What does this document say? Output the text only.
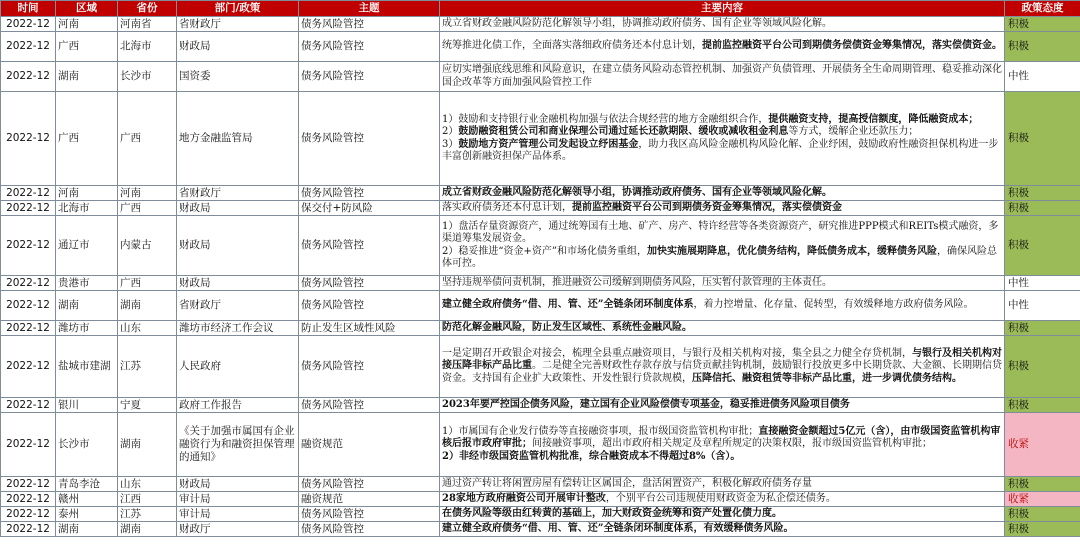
时间	区域	省份	部门/政策	主题	主要内容	政策态度
2022-12	河南	河南省	省财政厅	债务风险管控	成立省财政金融风险防范化解领导小组，协调推动政府债务、国有企业等领域风险化解。	积极
2022-12	广西	北海市	财政局	债务风险管控	统筹推进化债工作，全面落实落细政府债务还本付息计划，提前监控融资平台公司到期债务偿债资金筹集情况，落实偿债资金。	积极
2022-12	湖南	长沙市	国资委	债务风险管控	应切实增强底线思维和风险意识，在建立债务风险动态管控机制、加强资产负债管理、开展债务全生命周期管理、稳妥推动深化国企改革等方面加强风险管控工作	中性
2022-12	广西	广西	地方金融监管局	债务风险管控	1）鼓励和支持银行业金融机构加强与依法合规经营的地方金融组织合作，提供融资支持，提高授信额度，降低融资成本；
2）鼓励融资租赁公司和商业保理公司通过延长还款期限、缓收或减收租金利息等方式，缓解企业还款压力；
3）鼓励地方资产管理公司发起设立纾困基金，助力我区高风险金融机构风险化解、企业纾困，鼓励政府性融资担保机构进一步丰富创新融资担保产品体系。	积极
2022-12	河南	河南	省财政厅	债务风险管控	成立省财政金融风险防范化解领导小组，协调推动政府债务、国有企业等领域风险化解。	积极
2022-12	北海市	广西	财政局	保交付+防风险	落实政府债务还本付息计划，提前监控融资平台公司到期债务资金筹集情况，落实偿债资金	积极
2022-12	通辽市	内蒙古	财政局	债务风险管控	1）盘活存量资源资产，通过统筹国有土地、矿产、房产、特许经营等各类资源资产，研究推进PPP模式和REITs模式融资，多渠道筹集发展资金。
2）稳妥推进“资金+资产”和市场化债务重组，加快实施展期降息，优化债务结构，降低债务成本，缓释债务风险，确保风险总体可控。	积极
2022-12	贵港市	广西	财政局	债务风险管控	坚持违规举债问责机制，推进融资公司缓解到期债务风险，压实暂付款管理的主体责任。	中性
2022-12	湖南	湖南	省财政厅	债务风险管控	建立健全政府债务“借、用、管、还”全链条闭环制度体系，着力控增量、化存量、促转型，有效缓释地方政府债务风险。	中性
2022-12	潍坊市	山东	潍坊市经济工作会议	防止发生区域性风险	防范化解金融风险，防止发生区域性、系统性金融风险。	积极
2022-12	盐城市建湖	江苏	人民政府	债务风险管控	一是定期召开政银企对接会，梳理全县重点融资项目，与银行及相关机构对接，集全县之力健全存贷机制，与银行及相关机构对接压降非标产品比重。二是健全完善财政性存款存放与信贷贡献挂钩机制，鼓励银行投放更多中长期贷款、大金额、长期期信贷资金。支持国有企业扩大政策性、开发性银行贷款规模，压降信托、融资租赁等非标产品比重，进一步调优债务结构。	积极
2022-12	银川	宁夏	政府工作报告	债务风险管控	2023年要严控国企债务风险，建立国有企业风险偿债专项基金，稳妥推进债务风险项目债务	积极
2022-12	长沙市	湖南	《关于加强市属国有企业融资行为和融资担保管理的通知》	融资规范	1）市属国有企业发行债券等直接融资事项，报市级国资监管机构审批；直接融资金额超过5亿元（含），由市级国资监管机构审核后报市政府审批；间接融资事项，超出市政府相关规定及章程所规定的决策权限，报市级国资监管机构审批；
2）非经市级国资监管机构批准，综合融资成本不得超过8%（含）。	收紧
2022-12	青岛李沧	山东	财政局	债务风险管控	通过资产转让将闲置房屋有偿转让区属国企，盘活闲置资产，积极化解政府债务存量	积极
2022-12	赣州	江西	审计局	融资规范	28家地方政府融资公司开展审计整改，个别平台公司违规使用财政资金为私企偿还债务。	收紧
2022-12	泰州	江苏	审计局	债务风险管控	在债务风险等级由红转黄的基础上，加大财政资金统筹和资产处置化债力度。	积极
2022-12	湖南	湖南	财政厅	债务风险管控	建立健全政府债务“借、用、管、还”全链条闭环制度体系，有效缓释债务风险。	积极
